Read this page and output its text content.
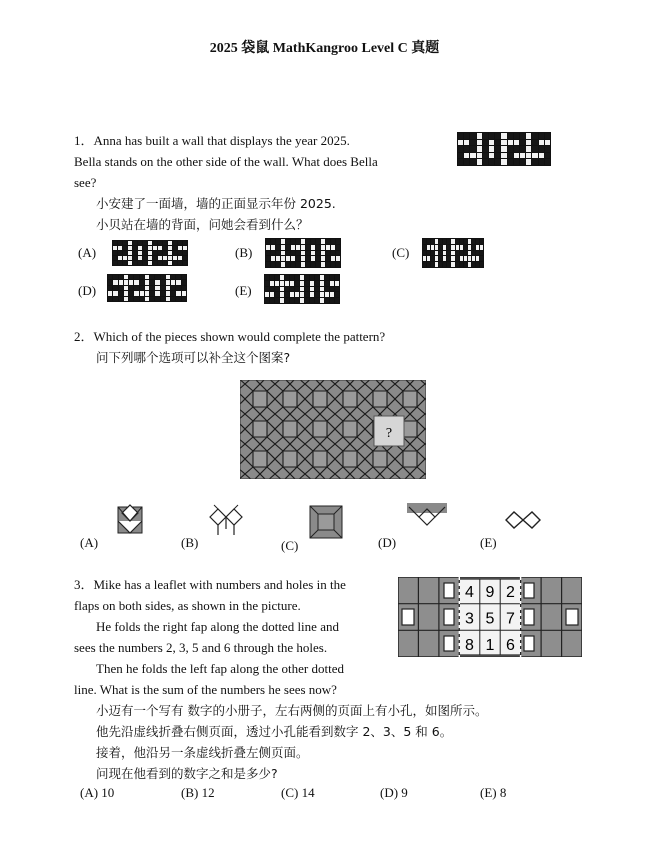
2025 袋鼠 MathKangroo Level C 真题
1．Anna has built a wall that displays the year 2025.
Bella stands on the other side of the wall. What does Bella
see?
小安建了一面墙，墙的正面显示年份 2025.
小贝站在墙的背面，问她会看到什么？
(A)	(B)	(C)
(D)	(E)
2．Which of the pieces shown would complete the pattern?
问下列哪个选项可以补全这个图案?
?
(A)	(B)	(C)	(D)	(E)
3．Mike has a leaflet with numbers and holes in the
flaps on both sides, as shown in the picture.
He folds the right fap along the dotted line and
sees the numbers 2, 3, 5 and 6 through the holes.
Then he folds the left fap along the other dotted
line. What is the sum of the numbers he sees now?
小迈有一个写有 数字的小册子，左右两侧的页面上有小孔，如图所示。
他先沿虚线折叠右侧页面，透过小孔能看到数字 2、3、5 和 6。
接着，他沿另一条虚线折叠左侧页面。
问现在他看到的数字之和是多少?
4 9 2
3 5 7
8 1 6
(A) 10	(B) 12	(C) 14	(D) 9	(E) 8
